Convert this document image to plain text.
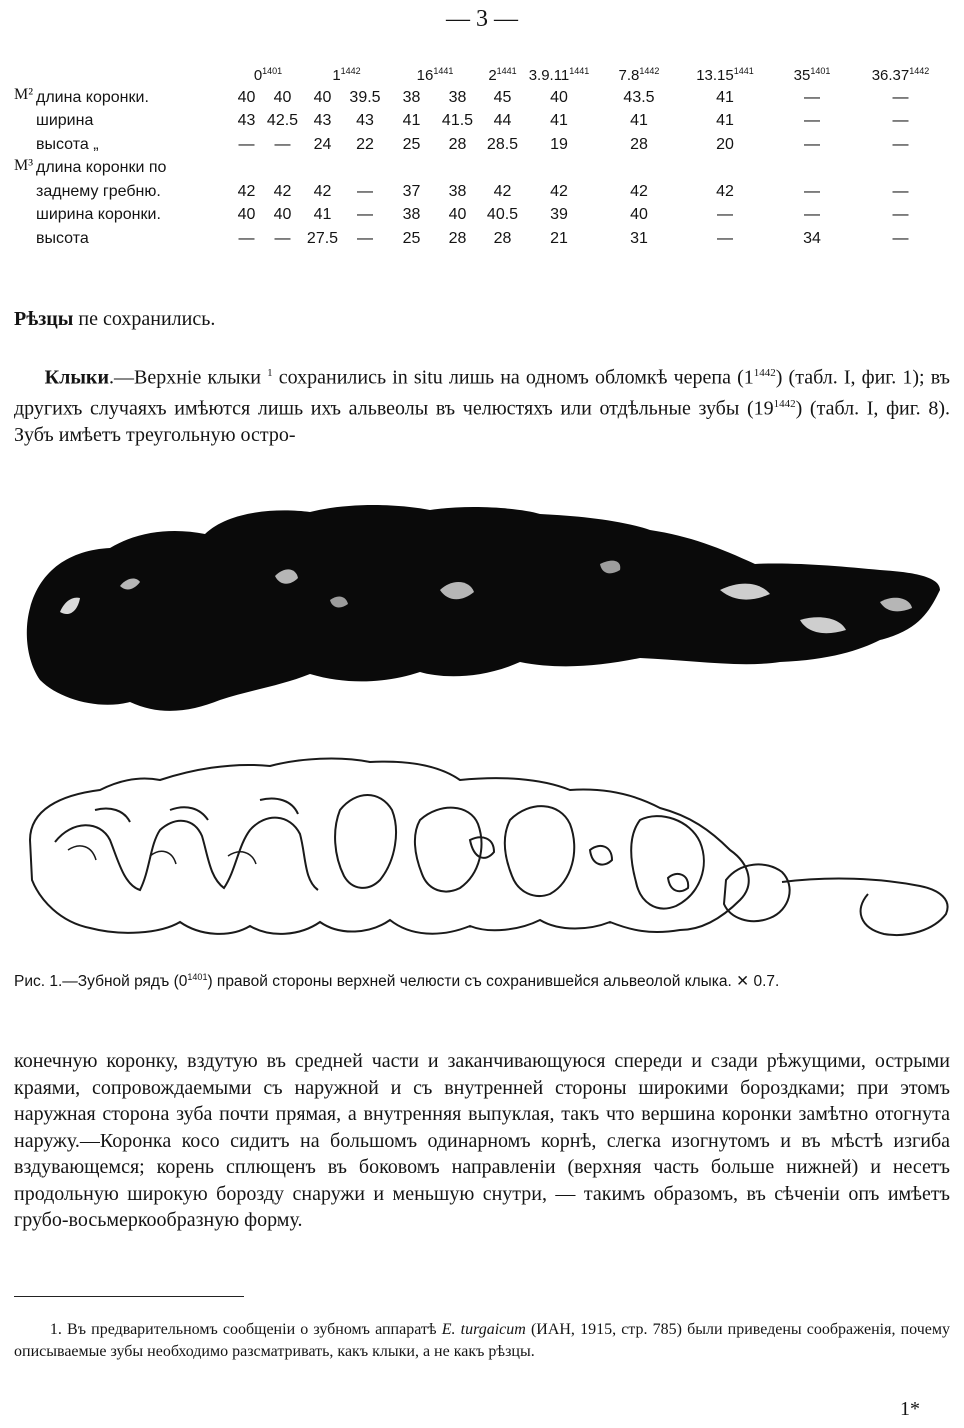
— 3 —
		$0^{1401}$		$1^{1442}$		$16^{1441}$		$2^{1441}$	$3.9.11^{1441}$	$7.8^{1442}$	$13.15^{1441}$	$35^{1401}$	$36.37^{1442}$
M²	длина коронки.	40	40	40	39.5	38	38	45	40	43.5	41	—	—
	ширина	43	42.5	43	43	41	41.5	44	41	41	41	—	—
	высота „	—	—	24	22	25	28	28.5	19	28	20	—	—
M³	длина коронки по												
	заднему гребню.	42	42	42	—	37	38	42	42	42	42	—	—
	ширина коронки.	40	40	41	—	38	40	40.5	39	40	—	—	—
	высота	—	—	27.5	—	25	28	28	21	31	—	34	—
Рѣзцы пе сохранились.
Клыки.—Верхніе клыки $^1$ сохранились in situ лишь на одномъ обломкѣ черепа $(1^{1442})$ (табл. I, фиг. 1); въ другихъ случаяхъ имѣются лишь ихъ альвеолы въ челюстяхъ или отдѣльные зубы $(19^{1442})$ (табл. I, фиг. 8). Зубъ имѣетъ треугольную остро-
Рис. 1.—Зубной рядъ $(0^{1401})$ правой стороны верхней челюсти съ сохранившейся альвеолой клыка. ✕ 0.7.
конечную коронку, вздутую въ средней части и заканчивающуюся спереди и сзади рѣжущими, острыми краями, сопровождаемыми съ наружной и съ внутренней стороны широкими бороздками; при этомъ наружная сторона зуба почти прямая, а внутренняя выпуклая, такъ что вершина коронки замѣтно отогнута наружу.—Коронка косо сидитъ на большомъ одинарномъ корнѣ, слегка изогнутомъ и въ мѣстѣ изгиба вздувающемся; корень сплющенъ въ боковомъ направленіи (верхняя часть больше нижней) и несетъ продольную широкую борозду снаружи и меньшую снутри, — такимъ образомъ, въ сѣченіи опъ имѣетъ грубо-восьмеркообразную форму.
1. Въ предварительномъ сообщеніи о зубномъ аппаратѣ E. turgaicum (ИАН, 1915, стр. 785) были приведены соображенія, почему описываемые зубы необходимо разсматривать, какъ клыки, а не какъ рѣзцы.
1*
